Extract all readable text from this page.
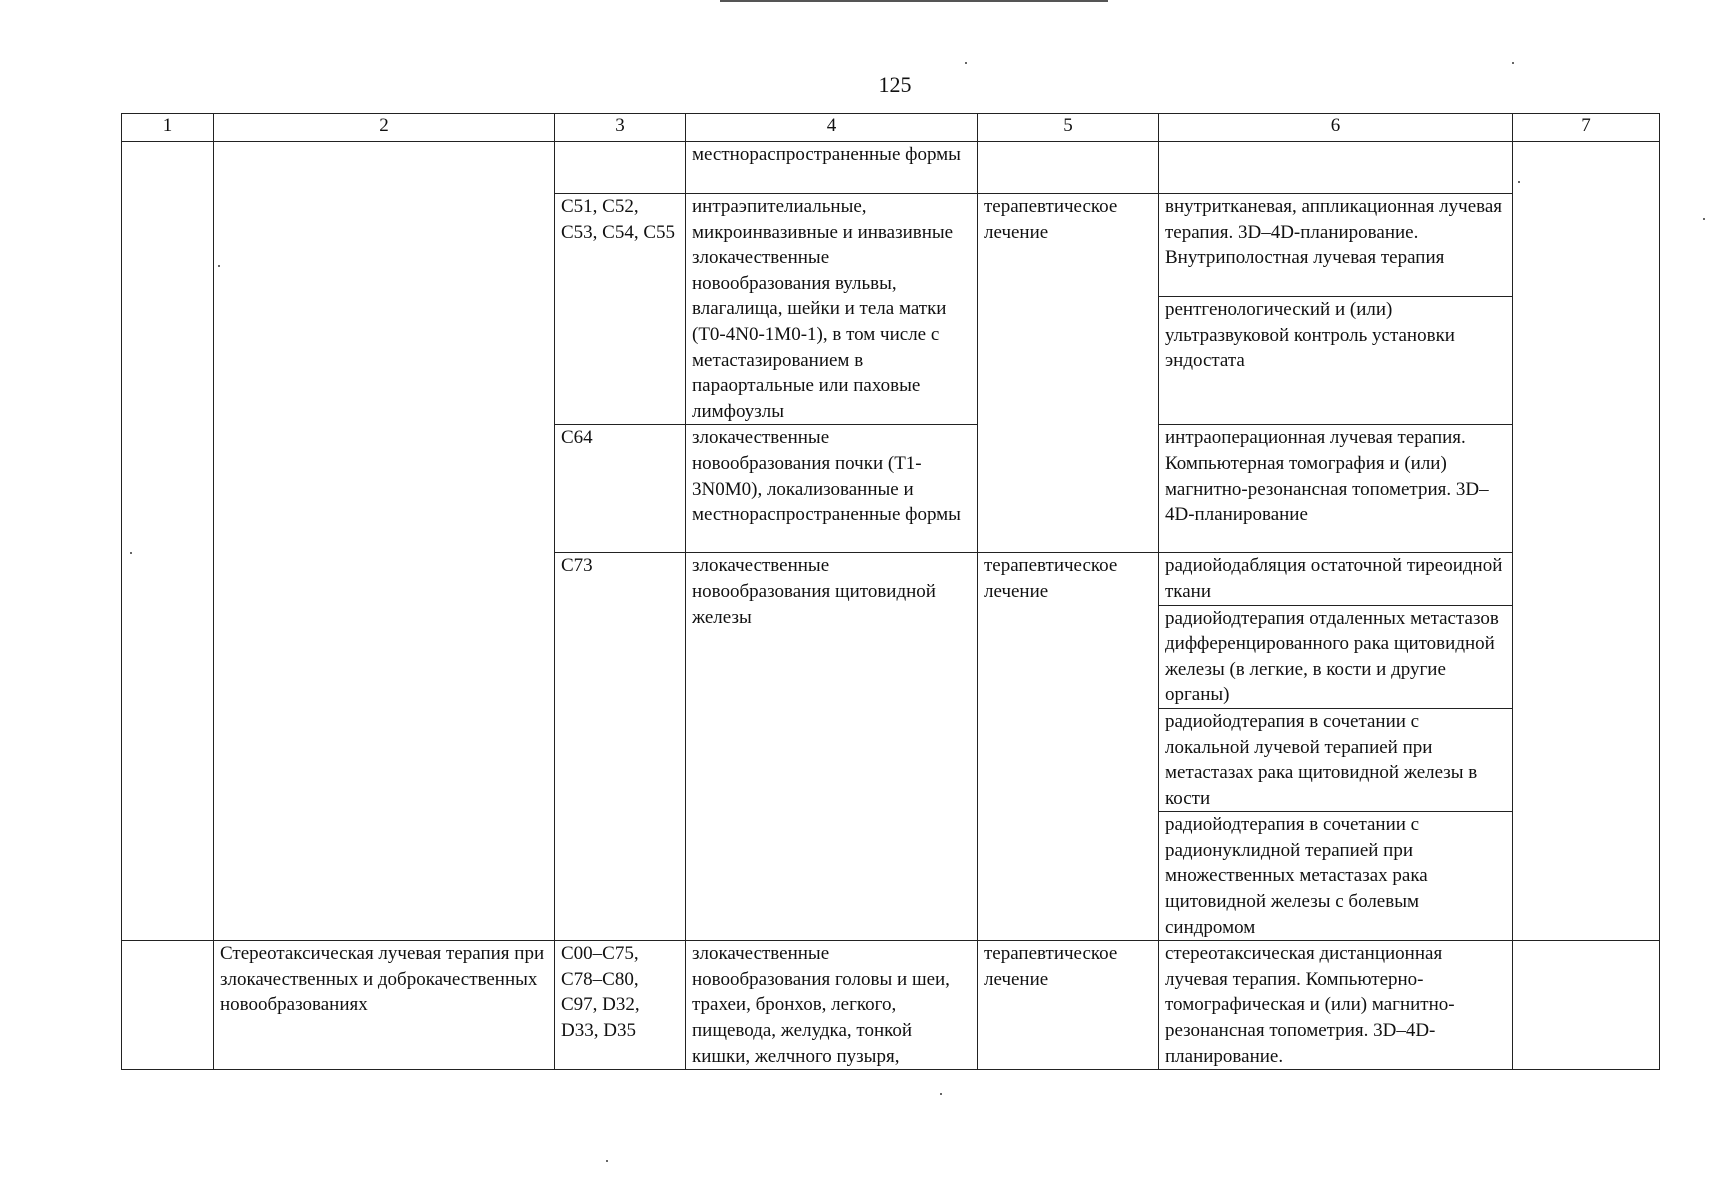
125
1	2	3	4	5	6	7
			местнораспространенные формы			
		C51, C52, C53, C54, C55	интраэпителиальные, микроинвазивные и инвазивные злокачественные новообразования вульвы, влагалища, шейки и тела матки (T0-4N0-1M0-1), в том числе с метастазированием в параортальные или паховые лимфоузлы	терапевтическое лечение	внутритканевая, аппликационная лучевая терапия. 3D–4D-планирование. Внутриполостная лучевая терапия	
					рентгенологический и (или) ультразвуковой контроль установки эндостата	
		C64	злокачественные новообразования почки (T1-3N0M0), локализованные и местнораспространенные формы		интраоперационная лучевая терапия. Компьютерная томография и (или) магнитно-резонансная топометрия. 3D–4D-планирование	
		C73	злокачественные новообразования щитовидной железы	терапевтическое лечение	радиойодабляция остаточной тиреоидной ткани	
					радиойодтерапия отдаленных метастазов дифференцированного рака щитовидной железы (в легкие, в кости и другие органы)	
					радиойодтерапия в сочетании с локальной лучевой терапией при метастазах рака щитовидной железы в кости	
					радиойодтерапия в сочетании с радионуклидной терапией при множественных метастазах рака щитовидной железы с болевым синдромом	
	Стереотаксическая лучевая терапия при злокачественных и доброкачественных новообразованиях	C00–C75, C78–C80, C97, D32, D33, D35	злокачественные новообразования головы и шеи, трахеи, бронхов, легкого, пищевода, желудка, тонкой кишки, желчного пузыря,	терапевтическое лечение	стереотаксическая дистанционная лучевая терапия. Компьютерно-томографическая и (или) магнитно-резонансная топометрия. 3D–4D-планирование.	
